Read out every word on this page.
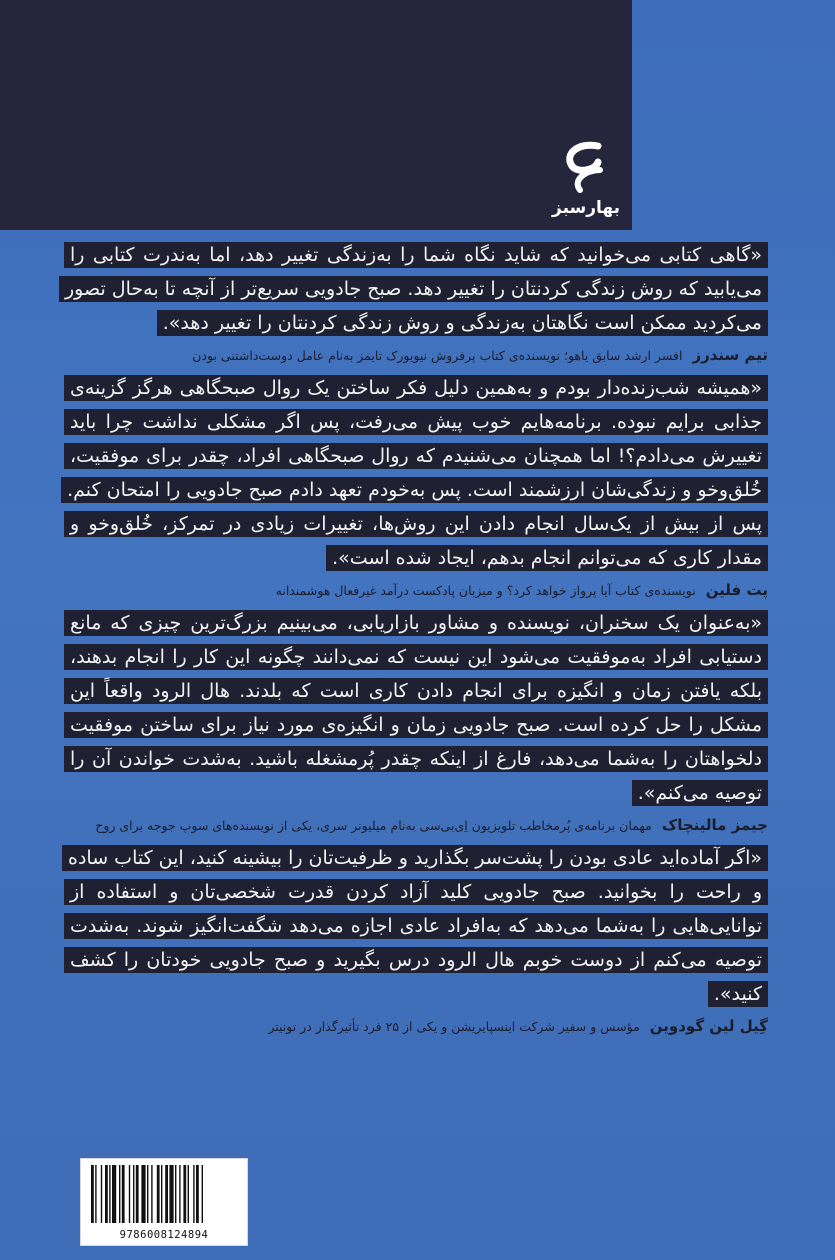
بهارسبز

«گاهی کتابی می‌خوانید که شاید نگاه شما را به‌زندگی تغییر دهد، اما به‌ندرت کتابی را می‌یابید که روش زندگی کردنتان را تغییر دهد. صبح جادویی سریع‌تر از آنچه تا به‌حال تصور می‌کردید ممکن است نگاهتان به‌زندگی و روش زندگی کردنتان را تغییر دهد».

تیم سندرز افسر ارشد سابق یاهو؛ نویسنده‌ی کتاب پرفروش نیویورک تایمز به‌نام عامل دوست‌داشتنی بودن

«همیشه شب‌زنده‌دار بودم و به‌همین دلیل فکر ساختن یک روال صبحگاهی هرگز گزینه‌ی جذابی برایم نبوده. برنامه‌هایم خوب پیش می‌رفت، پس اگر مشکلی نداشت چرا باید تغییرش می‌دادم؟! اما همچنان می‌شنیدم که روال صبحگاهی افراد، چقدر برای موفقیت، خُلق‌وخو و زندگی‌شان ارزشمند است. پس به‌خودم تعهد دادم صبح جادویی را امتحان کنم. پس از بیش از یک‌سال انجام دادن این روش‌ها، تغییرات زیادی در تمرکز، خُلق‌وخو و مقدار کاری که می‌توانم انجام بدهم، ایجاد شده است».

پت فلین نویسنده‌ی کتاب آیا پرواز خواهد کرد؟ و میزبان پادکست درآمد غیرفعال هوشمندانه

«به‌عنوان یک سخنران، نویسنده و مشاور بازاریابی، می‌بینیم بزرگ‌ترین چیزی که مانع دستیابی افراد به‌موفقیت می‌شود این نیست که نمی‌دانند چگونه این کار را انجام بدهند، بلکه یافتن زمان و انگیزه برای انجام دادن کاری است که بلدند. هال الرود واقعاً این مشکل را حل کرده است. صبح جادویی زمان و انگیزه‌ی مورد نیاز برای ساختن موفقیت دلخواهتان را به‌شما می‌دهد، فارغ از اینکه چقدر پُرمشغله باشید. به‌شدت خواندن آن را توصیه می‌کنم».

جیمز مالینچاک مهمان برنامه‌ی پُرمخاطب تلویزیون اِی‌بی‌سی به‌نام میلیونر سری، یکی از نویسنده‌های سوپ جوجه برای روح

«اگر آماده‌اید عادی بودن را پشت‌سر بگذارید و ظرفیت‌تان را بیشینه کنید، این کتاب ساده و راحت را بخوانید. صبح جادویی کلید آزاد کردن قدرت شخصی‌تان و استفاده از توانایی‌هایی را به‌شما می‌دهد که به‌افراد عادی اجازه می‌دهد شگفت‌انگیز شوند. به‌شدت توصیه می‌کنم از دوست خوبم هال الرود درس بگیرید و صبح جادویی خودتان را کشف کنید».

گِیل لین گودوین مؤسس و سفیر شرکت اینسپایریشن و یکی از ۲۵ فرد تأثیرگذار در تونیتر
9786008124894
